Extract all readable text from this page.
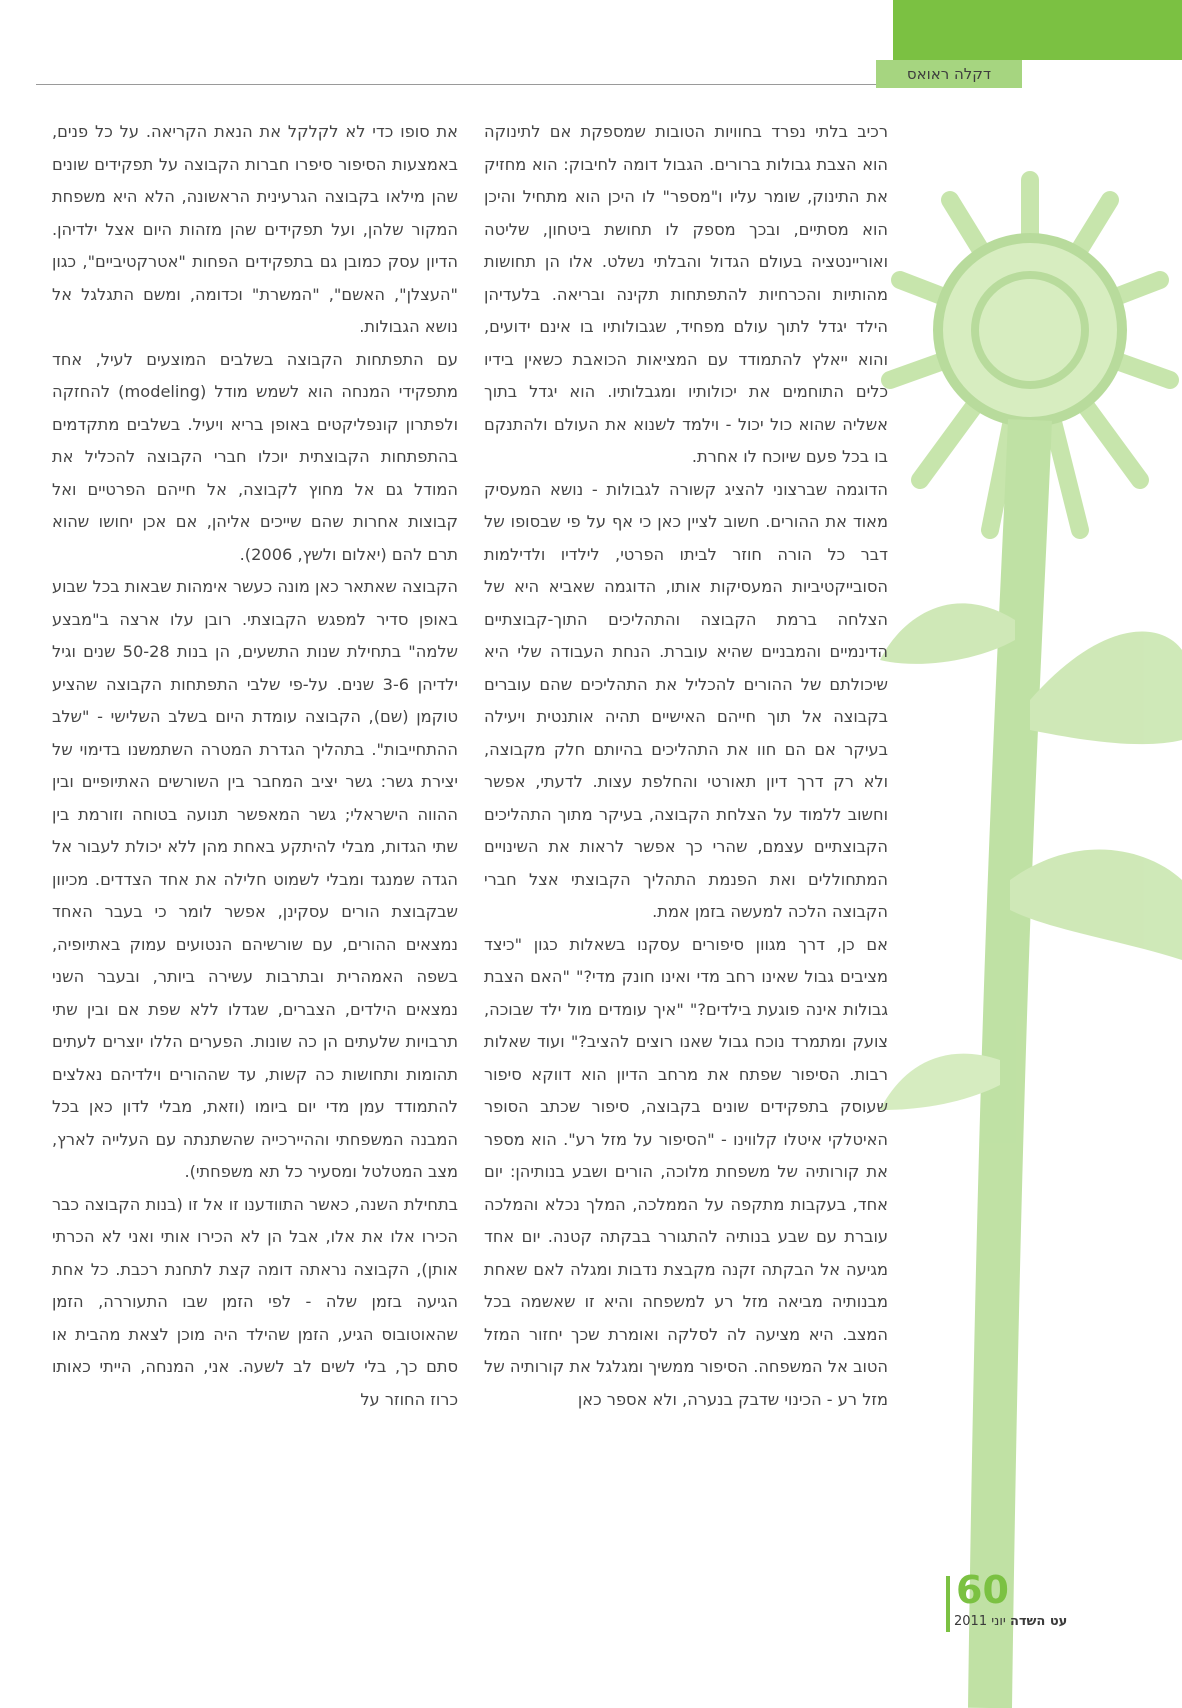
דקלה ראואס

רכיב בלתי נפרד בחוויות הטובות שמספקת אם לתינוקה הוא הצבת גבולות ברורים. הגבול דומה לחיבוק: הוא מחזיק את התינוק, שומר עליו ו"מספר" לו היכן הוא מתחיל והיכן הוא מסתיים, ובכך מספק לו תחושת ביטחון, שליטה ואוריינטציה בעולם הגדול והבלתי נשלט. אלו הן תחושות מהותיות והכרחיות להתפתחות תקינה ובריאה. בלעדיהן הילד יגדל לתוך עולם מפחיד, שגבולותיו בו אינם ידועים, והוא ייאלץ להתמודד עם המציאות הכואבת כשאין בידיו כלים התוחמים את יכולותיו ומגבלותיו. הוא יגדל בתוך אשליה שהוא כול יכול - וילמד לשנוא את העולם ולהתנקם בו בכל פעם שיוכח לו אחרת.

הדוגמה שברצוני להציג קשורה לגבולות - נושא המעסיק מאוד את ההורים. חשוב לציין כאן כי אף על פי שבסופו של דבר כל הורה חוזר לביתו הפרטי, לילדיו ולדילמות הסובייקטיביות המעסיקות אותו, הדוגמה שאביא היא של הצלחה ברמת הקבוצה והתהליכים התוך-קבוצתיים הדינמיים והמבניים שהיא עוברת. הנחת העבודה שלי היא שיכולתם של ההורים להכליל את התהליכים שהם עוברים בקבוצה אל תוך חייהם האישיים תהיה אותנטית ויעילה בעיקר אם הם חוו את התהליכים בהיותם חלק מקבוצה, ולא רק דרך דיון תאורטי והחלפת עצות. לדעתי, אפשר וחשוב ללמוד על הצלחת הקבוצה, בעיקר מתוך התהליכים הקבוצתיים עצמם, שהרי כך אפשר לראות את השינויים המתחוללים ואת הפנמת התהליך הקבוצתי אצל חברי הקבוצה הלכה למעשה בזמן אמת.

אם כן, דרך מגוון סיפורים עסקנו בשאלות כגון "כיצד מציבים גבול שאינו רחב מדי ואינו חונק מדי?" "האם הצבת גבולות אינה פוגעת בילדים?" "איך עומדים מול ילד שבוכה, צועק ומתמרד נוכח גבול שאנו רוצים להציב?" ועוד שאלות רבות. הסיפור שפתח את מרחב הדיון הוא דווקא סיפור שעוסק בתפקידים שונים בקבוצה, סיפור שכתב הסופר האיטלקי איטלו קלווינו - "הסיפור על מזל רע". הוא מספר את קורותיה של משפחת מלוכה, הורים ושבע בנותיהן: יום אחד, בעקבות מתקפה על הממלכה, המלך נכלא והמלכה עוברת עם שבע בנותיה להתגורר בבקתה קטנה. יום אחד מגיעה אל הבקתה זקנה מקבצת נדבות ומגלה לאם שאחת מבנותיה מביאה מזל רע למשפחה והיא זו שאשמה בכל המצב. היא מציעה לה לסלקה ואומרת שכך יחזור המזל הטוב אל המשפחה. הסיפור ממשיך ומגלגל את קורותיה של מזל רע - הכינוי שדבק בנערה, ולא אספר כאן

את סופו כדי לא לקלקל את הנאת הקריאה. על כל פנים, באמצעות הסיפור סיפרו חברות הקבוצה על תפקידים שונים שהן מילאו בקבוצה הגרעינית הראשונה, הלא היא משפחת המקור שלהן, ועל תפקידים שהן מזהות היום אצל ילדיהן. הדיון עסק כמובן גם בתפקידים הפחות "אטרקטיביים", כגון "העצלן", האשם", "המשרת" וכדומה, ומשם התגלגל אל נושא הגבולות.

עם התפתחות הקבוצה בשלבים המוצעים לעיל, אחד מתפקידי המנחה הוא לשמש מודל (modeling) להחזקה ולפתרון קונפליקטים באופן בריא ויעיל. בשלבים מתקדמים בהתפתחות הקבוצתית יוכלו חברי הקבוצה להכליל את המודל גם אל מחוץ לקבוצה, אל חייהם הפרטיים ואל קבוצות אחרות שהם שייכים אליהן, אם אכן יחושו שהוא תרם להם (יאלום ולשץ, 2006).

הקבוצה שאתאר כאן מונה כעשר אימהות שבאות בכל שבוע באופן סדיר למפגש הקבוצתי. רובן עלו ארצה ב"מבצע שלמה" בתחילת שנות התשעים, הן בנות 50-28 שנים וגיל ילדיהן 3-6 שנים. על-פי שלבי התפתחות הקבוצה שהציע טוקמן (שם), הקבוצה עומדת היום בשלב השלישי - "שלב ההתחייבות". בתהליך הגדרת המטרה השתמשנו בדימוי של יצירת גשר: גשר יציב המחבר בין השורשים האתיופיים ובין ההווה הישראלי; גשר המאפשר תנועה בטוחה וזורמת בין שתי הגדות, מבלי להיתקע באחת מהן ללא יכולת לעבור אל הגדה שמנגד ומבלי לשמוט חלילה את אחד הצדדים. מכיוון שבקבוצת הורים עסקינן, אפשר לומר כי בעבר האחד נמצאים ההורים, עם שורשיהם הנטועים עמוק באתיופיה, בשפה האמהרית ובתרבות עשירה ביותר, ובעבר השני נמצאים הילדים, הצברים, שגדלו ללא שפת אם ובין שתי תרבויות שלעתים הן כה שונות. הפערים הללו יוצרים לעתים תהומות ותחושות כה קשות, עד שההורים וילדיהם נאלצים להתמודד עמן מדי יום ביומו (וזאת, מבלי לדון כאן בכל המבנה המשפחתי וההיירכייה שהשתנתה עם העלייה לארץ, מצב המטלטל ומסעיר כל תא משפחתי).

בתחילת השנה, כאשר התוודענו זו אל זו (בנות הקבוצה כבר הכירו אלו את אלו, אבל הן לא הכירו אותי ואני לא הכרתי אותן), הקבוצה נראתה דומה קצת לתחנת רכבת. כל אחת הגיעה בזמן שלה - לפי הזמן שבו התעוררה, הזמן שהאוטובוס הגיע, הזמן שהילד היה מוכן לצאת מהבית או סתם כך, בלי לשים לב לשעה. אני, המנחה, הייתי כאותו כרוז החוזר על

60
עט השדה יוני 2011
